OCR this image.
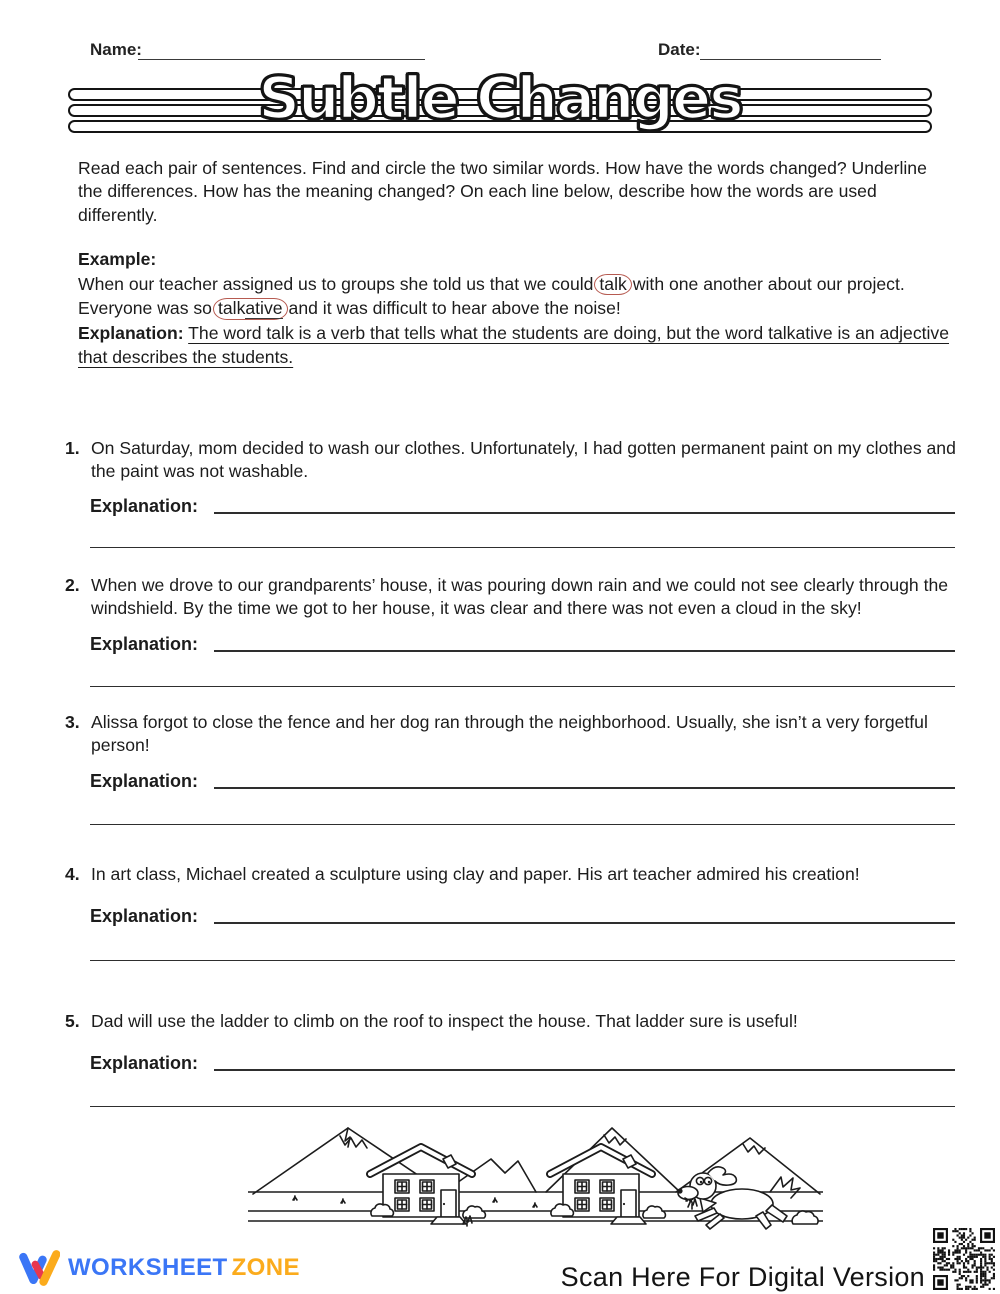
Name:	Date:
Subtle Changes
Read each pair of sentences. Find and circle the two similar words. How have the words changed? Underline the differences. How has the meaning changed? On each line below, describe how the words are used differently.
Example:
When our teacher assigned us to groups she told us that we could talk with one another about our project. Everyone was so talkative and it was difficult to hear above the noise!
Explanation: The word talk is a verb that tells what the students are doing, but the word talkative is an adjective that describes the students.
1. On Saturday, mom decided to wash our clothes. Unfortunately, I had gotten permanent paint on my clothes and the paint was not washable.
Explanation:
2. When we drove to our grandparents’ house, it was pouring down rain and we could not see clearly through the windshield. By the time we got to her house, it was clear and there was not even a cloud in the sky!
Explanation:
3. Alissa forgot to close the fence and her dog ran through the neighborhood. Usually, she isn’t a very forgetful person!
Explanation:
4. In art class, Michael created a sculpture using clay and paper. His art teacher admired his creation!
Explanation:
5. Dad will use the ladder to climb on the roof to inspect the house. That ladder sure is useful!
Explanation:
WORKSHEET ZONE	Scan Here For Digital Version
